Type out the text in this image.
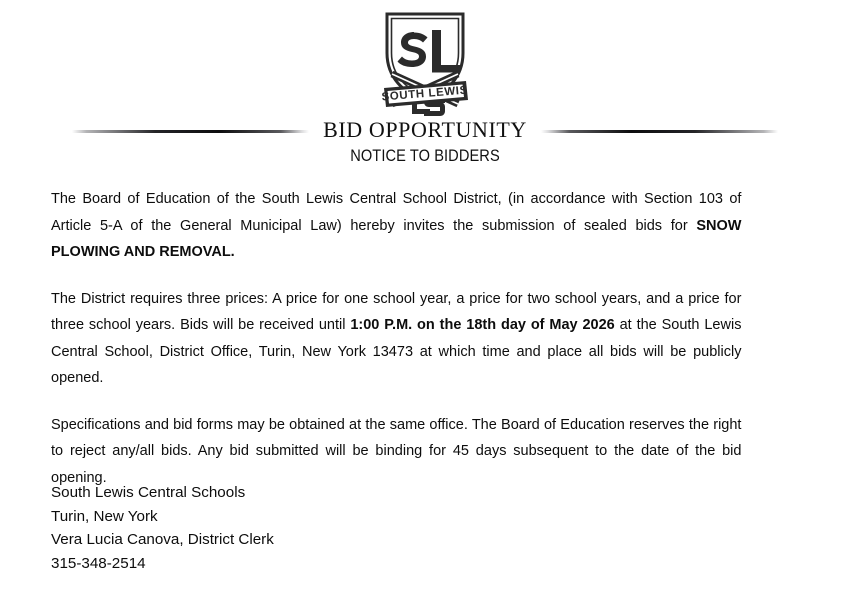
SOUTH LEWIS
BID OPPORTUNITY
NOTICE TO BIDDERS

The Board of Education of the South Lewis Central School District, (in accordance with Section 103 of Article 5-A of the General Municipal Law) hereby invites the submission of sealed bids for SNOW PLOWING AND REMOVAL.

The District requires three prices: A price for one school year, a price for two school years, and a price for three school years. Bids will be received until 1:00 P.M. on the 18th day of May 2026 at the South Lewis Central School, District Office, Turin, New York 13473 at which time and place all bids will be publicly opened.

Specifications and bid forms may be obtained at the same office. The Board of Education reserves the right to reject any/all bids. Any bid submitted will be binding for 45 days subsequent to the date of the bid opening.

South Lewis Central Schools
Turin, New York
Vera Lucia Canova, District Clerk
315-348-2514
